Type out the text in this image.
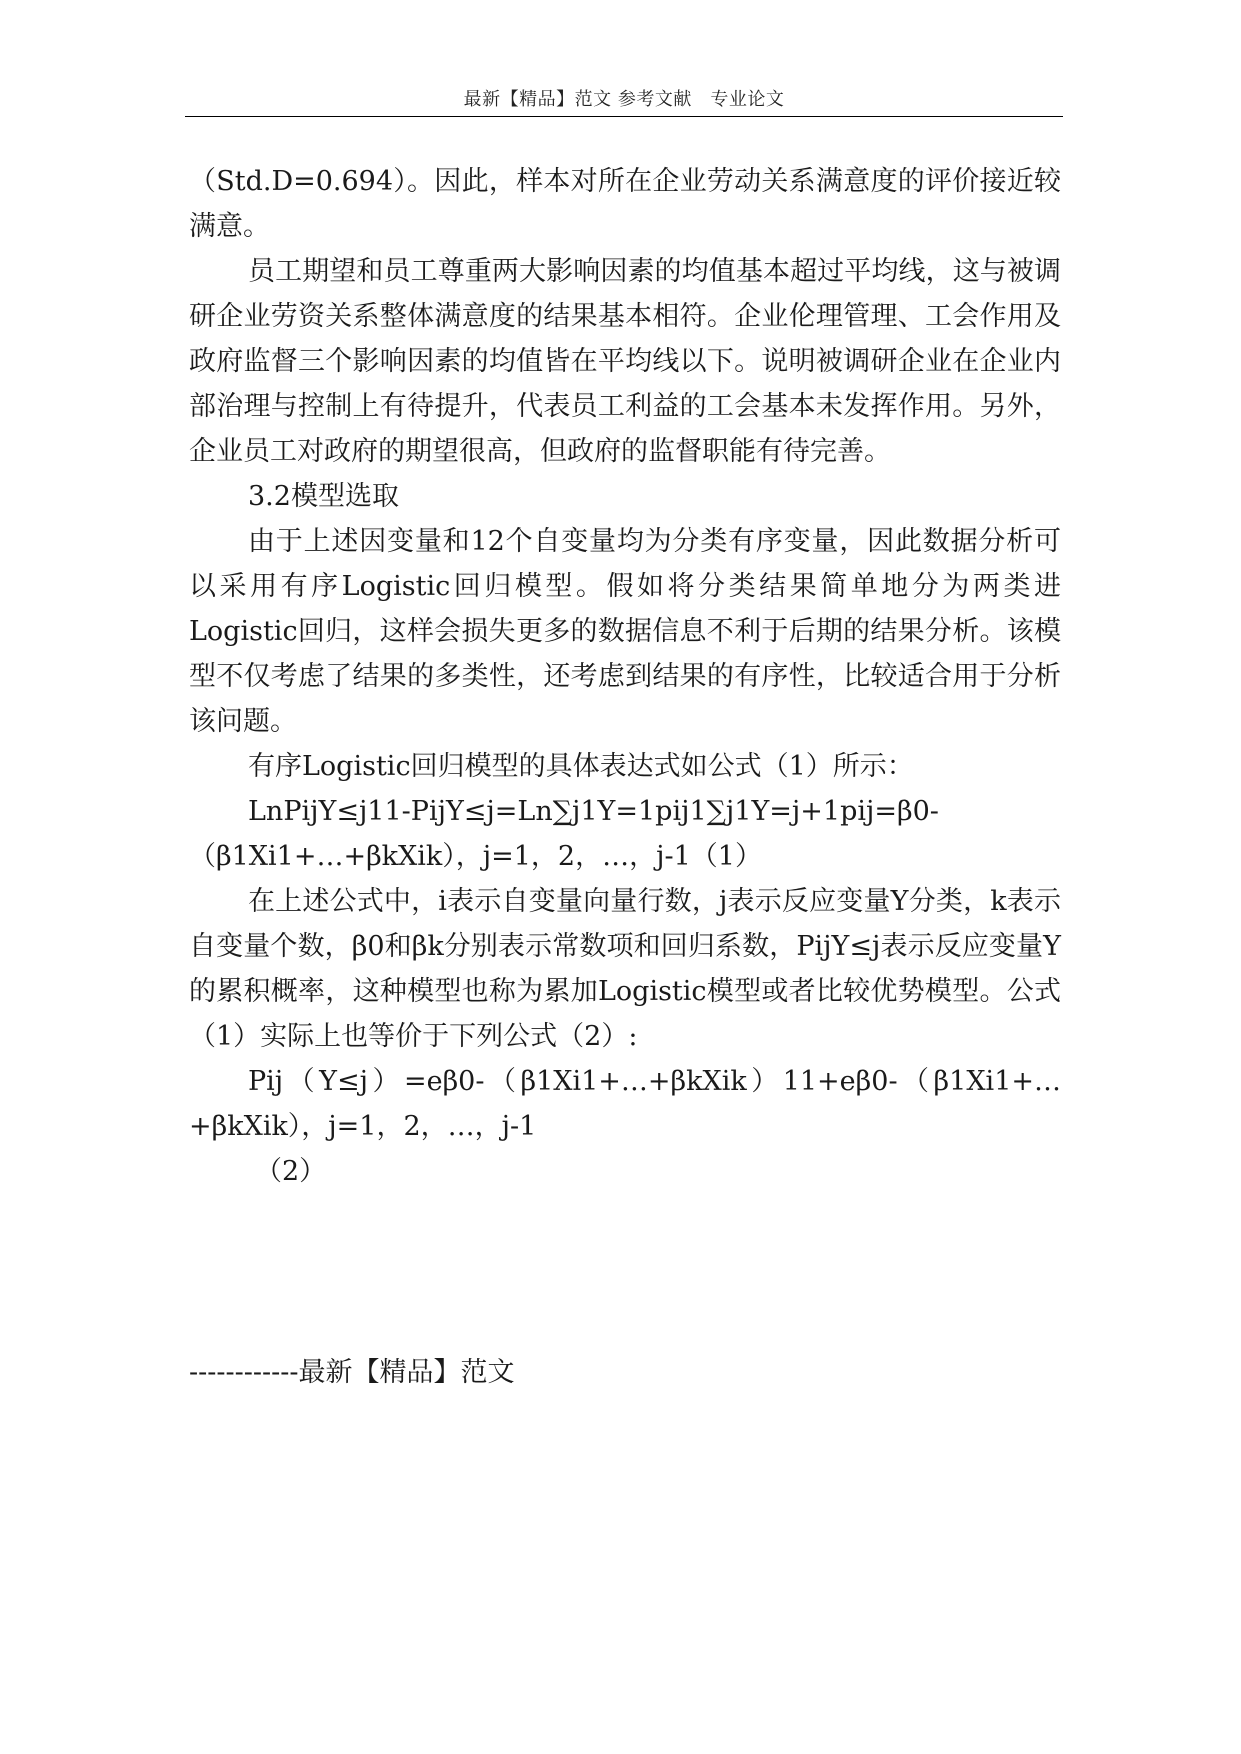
最新【精品】范文 参考文献　专业论文

（Std.D=0.694）。因此，样本对所在企业劳动关系满意度的评价接近较满意。

员工期望和员工尊重两大影响因素的均值基本超过平均线，这与被调研企业劳资关系整体满意度的结果基本相符。企业伦理管理、工会作用及政府监督三个影响因素的均值皆在平均线以下。说明被调研企业在企业内部治理与控制上有待提升，代表员工利益的工会基本未发挥作用。另外，企业员工对政府的期望很高，但政府的监督职能有待完善。

3.2模型选取

由于上述因变量和12个自变量均为分类有序变量，因此数据分析可以采用有序Logistic回归模型。假如将分类结果简单地分为两类进Logistic回归，这样会损失更多的数据信息不利于后期的结果分析。该模型不仅考虑了结果的多类性，还考虑到结果的有序性，比较适合用于分析该问题。

有序Logistic回归模型的具体表达式如公式（1）所示：

LnPijY≤j11-PijY≤j=Ln∑j1Y=1pij1∑j1Y=j+1pij=β0-（β1Xi1+…+βkXik），j=1，2，…，j-1（1）

在上述公式中，i表示自变量向量行数，j表示反应变量Y分类，k表示自变量个数，β0和βk分别表示常数项和回归系数，PijY≤j表示反应变量Y的累积概率，这种模型也称为累加Logistic模型或者比较优势模型。公式（1）实际上也等价于下列公式（2）:

Pij（Y≤j）=eβ0-（β1Xi1+…+βkXik）11+eβ0-（β1Xi1+…+βkXik），j=1，2，…，j-1

（2）

------------最新【精品】范文
